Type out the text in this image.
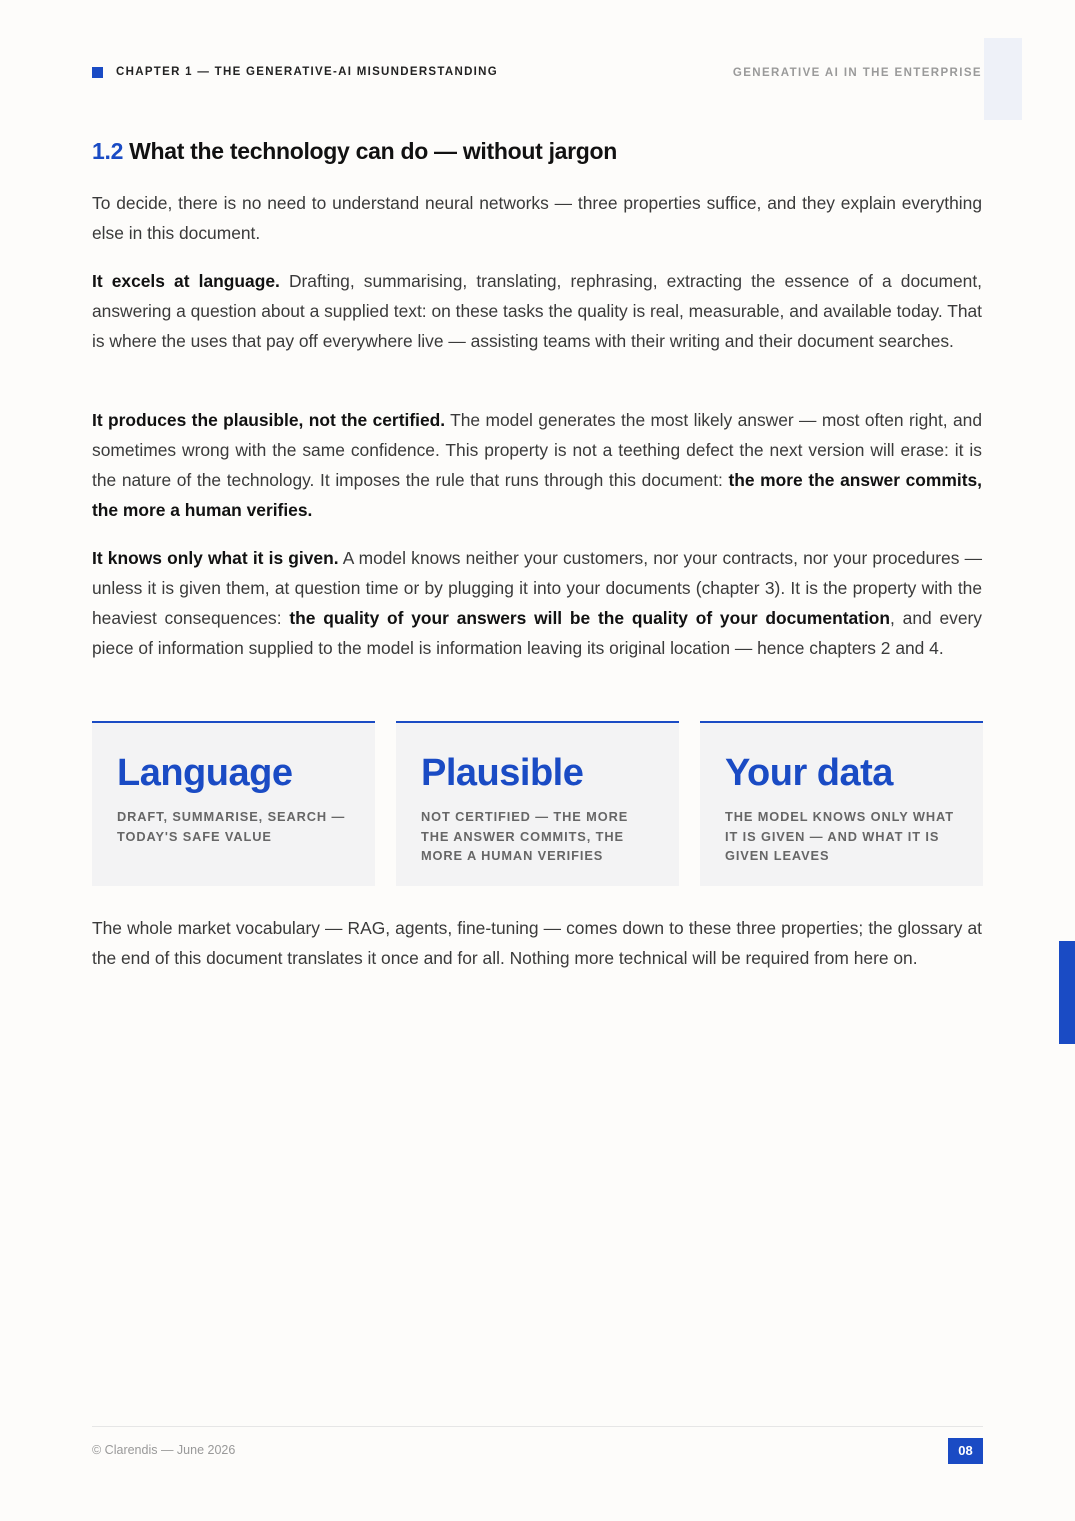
CHAPTER 1 — THE GENERATIVE-AI MISUNDERSTANDING	GENERATIVE AI IN THE ENTERPRISE
1.2 What the technology can do — without jargon

To decide, there is no need to understand neural networks — three properties suffice, and they explain everything else in this document.

It excels at language. Drafting, summarising, translating, rephrasing, extracting the essence of a document, answering a question about a supplied text: on these tasks the quality is real, measurable, and available today. That is where the uses that pay off everywhere live — assisting teams with their writing and their document searches.

It produces the plausible, not the certified. The model generates the most likely answer — most often right, and sometimes wrong with the same confidence. This property is not a teething defect the next version will erase: it is the nature of the technology. It imposes the rule that runs through this document: the more the answer commits, the more a human verifies.

It knows only what it is given. A model knows neither your customers, nor your contracts, nor your procedures — unless it is given them, at question time or by plugging it into your documents (chapter 3). It is the property with the heaviest consequences: the quality of your answers will be the quality of your documentation, and every piece of information supplied to the model is information leaving its original location — hence chapters 2 and 4.

Language
DRAFT, SUMMARISE, SEARCH — TODAY'S SAFE VALUE
Plausible
NOT CERTIFIED — THE MORE THE ANSWER COMMITS, THE MORE A HUMAN VERIFIES
Your data
THE MODEL KNOWS ONLY WHAT IT IS GIVEN — AND WHAT IT IS GIVEN LEAVES

The whole market vocabulary — RAG, agents, fine-tuning — comes down to these three properties; the glossary at the end of this document translates it once and for all. Nothing more technical will be required from here on.

© Clarendis — June 2026	08
